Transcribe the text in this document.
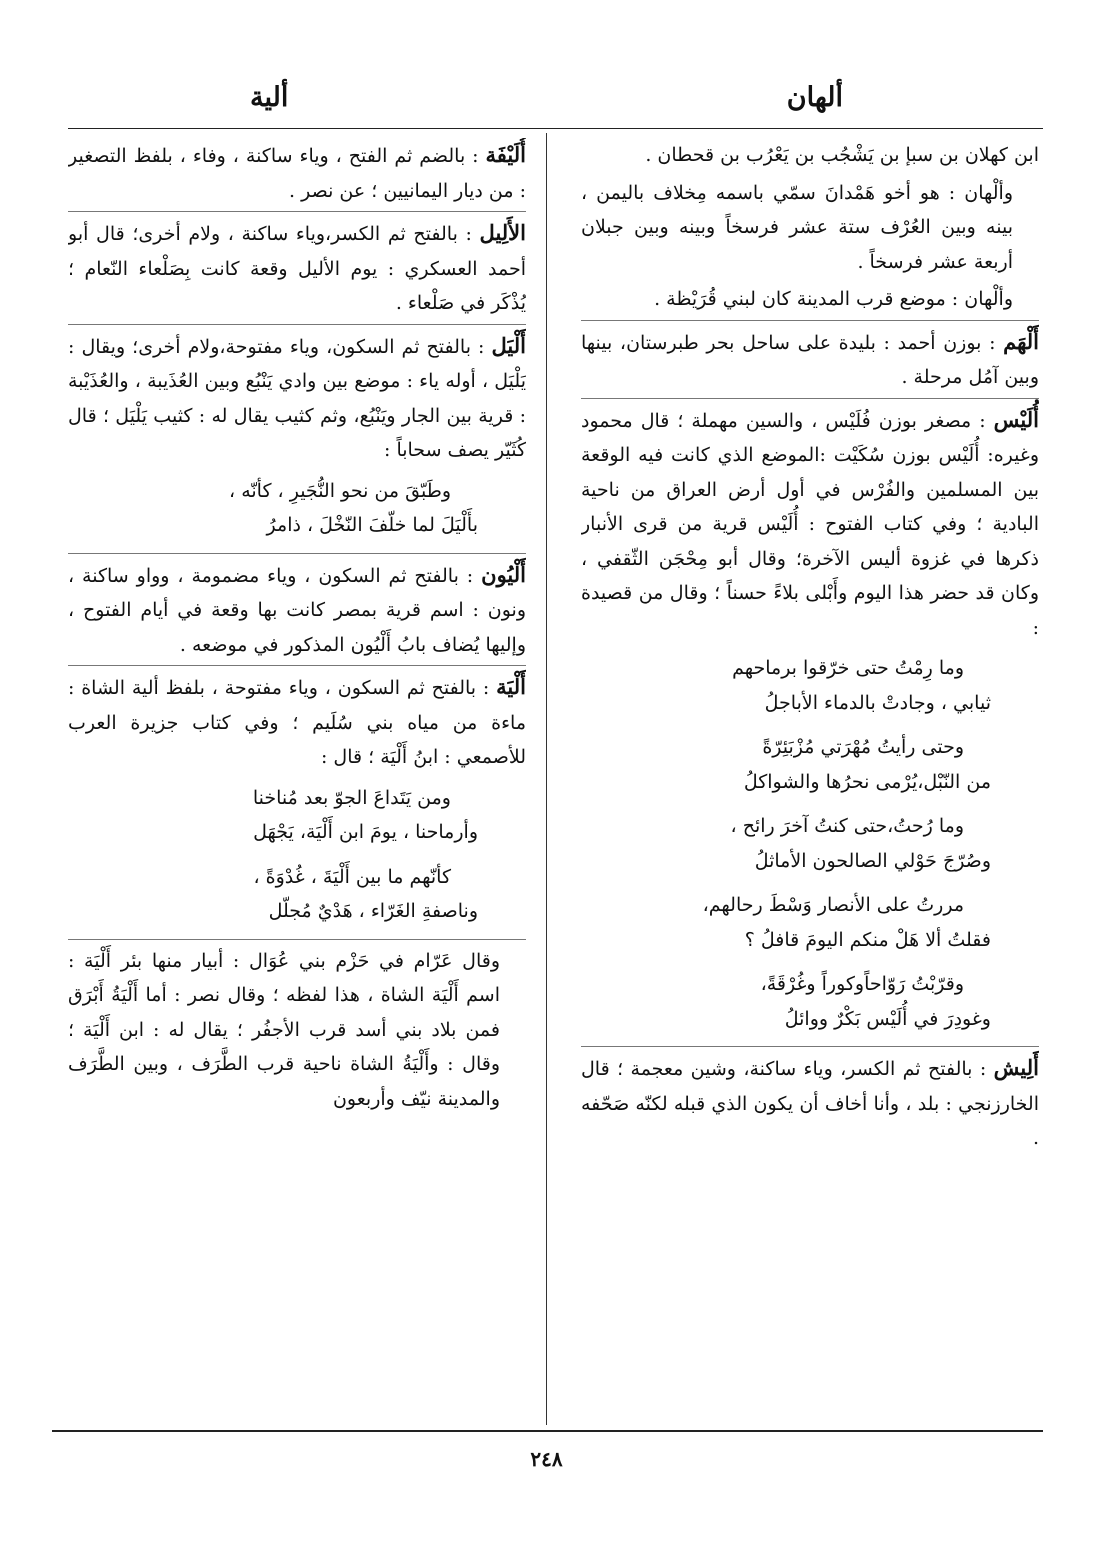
ألهان
ألية
ابن كهلان بن سبإ بن يَشْجُب بن يَعْرُب بن قحطان .
وألْهان : هو أخو هَمْدانَ سمّي باسمه مِخلاف باليمن ، بينه وبين العُرْف ستة عشر فرسخاً وبينه وبين جبلان أربعة عشر فرسخاً .
وألْهان : موضع قرب المدينة كان لبني قُرَيْظة .
أَلْهَم : بوزن أحمد : بليدة على ساحل بحر طبرستان، بينها وبين آمُل مرحلة .
أُلَيْس : مصغر بوزن فُلَيْس ، والسين مهملة ؛ قال محمود وغيره: أُلَيْس بوزن سُكَيْت :الموضع الذي كانت فيه الوقعة بين المسلمين والفُرْس في أول أرض العراق من ناحية البادية ؛ وفي كتاب الفتوح : أُلَيْس قرية من قرى الأنبار ذكرها في غزوة أليس الآخرة؛ وقال أبو مِحْجَن الثّقفي ، وكان قد حضر هذا اليوم وأَبْلى بلاءً حسناً ؛ وقال من قصيدة :
وما رِمْتُ حتى خرّقوا برماحهم
ثيابي ، وجادتْ بالدماء الأباجلُ
وحتى رأيتُ مُهْرَتي مُزْبَئِرّةً
من النّبْل،يُرْمى نحرُها والشواكلُ
وما رُحتُ،حتى كنتُ آخرَ رائح ،
وصُرّجَ حَوْلي الصالحون الأماثلُ
مررتُ على الأنصار وَسْطَ رحالهم،
فقلتُ ألا هَلْ منكم اليومَ قافلُ ؟
وقرّبْتُ رَوّاحاًوكوراً وغُرْقَةً،
وغودِرَ في أُلَيْس بَكْرٌ ووائلُ
أَلِيش : بالفتح ثم الكسر، وياء ساكنة، وشين معجمة ؛ قال الخارزنجي : بلد ، وأنا أخاف أن يكون الذي قبله لكنّه صَحّفه .
أُلَيْفَة : بالضم ثم الفتح ، وياء ساكنة ، وفاء ، بلفظ التصغير : من ديار اليمانيين ؛ عن نصر .
الأَلِيل : بالفتح ثم الكسر،وياء ساكنة ، ولام أخرى؛ قال أبو أحمد العسكري : يوم الأليل وقعة كانت بِصَلْعاء النّعام ؛ يُذْكَر في صَلْعاء .
أَلْيَل : بالفتح ثم السكون، وياء مفتوحة،ولام أخرى؛ ويقال : يَلْيَل ، أوله ياء : موضع بين وادي يَنْبُع وبين العُذَيبة ، والعُذَيْبة : قرية بين الجار ويَنْبُع، وثم كثيب يقال له : كثيب يَلْيَل ؛ قال كُثَيّر يصف سحاباً :
وطَبّقَ من نحو النُّجَيرِ ، كأنّه ،
بأَلْيَلَ لما خلّفَ النّخْلَ ، ذامرُ
أَلْيُون : بالفتح ثم السكون ، وياء مضمومة ، وواو ساكنة ، ونون : اسم قرية بمصر كانت بها وقعة في أيام الفتوح ، وإليها يُضاف بابُ أَلْيُون المذكور في موضعه .
أَلْيَة : بالفتح ثم السكون ، وياء مفتوحة ، بلفظ ألية الشاة : ماءة من مياه بني سُلَيم ؛ وفي كتاب جزيرة العرب للأصمعي : ابنُ أَلْيَة ؛ قال :
ومن يَتَداعَ الجوّ بعد مُناخنا
وأرماحنا ، يومَ ابن أَلْيَة، يَجْهَل
كأنّهم ما بين أَلْيَةَ ، غُدْوَةً ،
وناصفةِ الغَرّاء ، هَدْيٌ مُجلّل
وقال عَرّام في حَزْم بني عُوَال : أبيار منها بئر أَلْيَة : اسم أَلْيَة الشاة ، هذا لفظه ؛ وقال نصر : أما أَلْيَةُ أَبْرَق فمن بلاد بني أسد قرب الأجفُر ؛ يقال له : ابن أَلْيَة ؛ وقال : وأَلْيَةُ الشاة ناحية قرب الطَّرَف ، وبين الطَّرَف والمدينة نيّف وأربعون
٢٤٨
